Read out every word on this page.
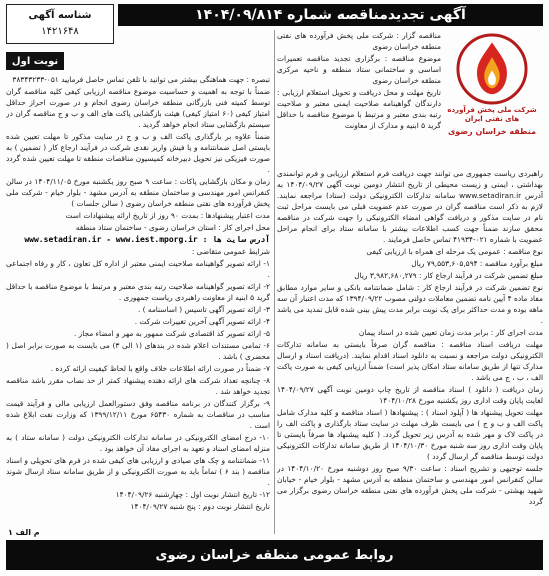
آگهی تجدیدمناقصه شماره ۱۴۰۴/۰۹/۸۱۴
شناسه آگهی
۱۴۲۱۶۴۸
نوبت اول
شرکت ملی پخش فرآورده های نفتی ایران
منطقه خراسان رضوی

مناقصه گزار : شرکت ملی پخش فرآورده های نفتی منطقه خراسان رضوی

موضوع مناقصه : برگزاری تجدید مناقصه تعمیرات اساسی و ساختمانی ستاد منطقه و ناحیه مرکزی منطقه خراسان رضوی

تاریخ مهلت و محل دریافت و تحویل استعلام ارزیابی : دارندگان گواهینامه صلاحیت ایمنی معتبر و صلاحیت رتبه بندی معتبر و مرتبط با موضوع مناقصه با حداقل گرید ۵ ابنیه و مدارک از معاونت

راهبردی ریاست جمهوری می توانند جهت دریافت فرم استعلام ارزیابی و فرم توانمندی بهداشتی ، ایمنی و زیست محیطی از تاریخ انتشار دومین نوبت آگهی ۱۴۰۴/۰۹/۲۷ به آدرس www.setadiran.ir سامانه تدارکات الکترونیکی دولت (ستاد) مراجعه نمایند. لازم به ذکر است مناقصه گران در صورت عدم عضویت قبلی می بایست مراحل ثبت نام در سایت مذکور و دریافت گواهی امضاء الکترونیکی را جهت شرکت در مناقصه محقق سازند ضمناً جهت کسب اطلاعات بیشتر با سامانه ستاد برای انجام مراحل عضویت با شماره ۰۲۱-۴۱۹۳۴ تماس حاصل فرمایند .

نوع مناقصه : عمومی یک مرحله ای همراه با ارزیابی کیفی

مبلغ برآورد مناقصه : ۷۹,۵۵۳,۶۰۵,۵۹۴ ریال

مبلغ تضمین شرکت در فرآیند ارجاع کار : ۳,۹۸۲,۶۸۰,۲۷۹ ریال

نوع تضمین شرکت در فرآیند ارجاع کار : شامل ضمانتنامه بانکی و سایر موارد مطابق مفاد ماده ۴ آیین نامه تضمین معاملات دولتی مصوب ۱۳۹۴/۰۹/۲۲ که مدت اعتبار آن سه ماهه بوده و مدت حداکثر برای یک نوبت برابر مدت پیش بینی شده قابل تمدید می باشد .

مدت اجرای کار : برابر مدت زمان تعیین شده در اسناد پیمان

مهلت دریافت اسناد مناقصه : مناقصه گران صرفاً بایستی به سامانه تدارکات الکترونیکی دولت مراجعه و نسبت به دانلود اسناد اقدام نمایند. (دریافت اسناد و ارسال مدارک تنها از طریق سامانه ستاد امکان پذیر است) ضمناً ارزیابی کیفی به صورت پاکت الف ، ب ، ج می باشد .

زمان دریافت ( دانلود ) اسناد مناقصه از تاریخ چاپ دومین نوبت آگهی ۱۴۰۴/۰۹/۲۷ لغایت پایان وقت اداری روز یکشنبه مورخ ۱۴۰۴/۱۰/۲۸

مهلت تحویل پیشنهاد ها ( آپلود اسناد ) : پیشنهادها ( اسناد مناقصه و کلیه مدارک شامل پاکت الف و ب و ج ) می بایست ظرف مهلت در سایت ستاد بارگذاری و پاکت الف را در پاکت لاک و مهر شده به آدرس زیر تحویل گردد. ( کلیه پیشنهاد ها صرفاً بایستی تا پایان وقت اداری روز سه شنبه مورخ ۱۴۰۴/۱۰/۳۰ از طریق سامانه تدارکات الکترونیکی دولت توسط مناقصه گر ارسال گردد )

جلسه توجیهی و تشریح اسناد : ساعت ۹/۳۰ صبح روز دوشنبه مورخ ۱۴۰۴/۱۰/۲۰ در سالن کنفرانس امور مهندسی و ساختمان منطقه به آدرس مشهد - بلوار خیام - خیابان شهید بهشتی - شرکت ملی پخش فرآورده های نفتی منطقه خراسان رضوی برگزار می گردد

تبصره : جهت هماهنگی بیشتر می توانید با تلفن تماس حاصل فرمایید ۰۵۱-۳۸۳۴۳۲۳۳

ضمناً با توجه به اهمیت و حساسیت موضوع مناقصه ارزیابی کیفی کلیه مناقصه گران توسط کمیته فنی بازرگانی منطقه خراسان رضوی انجام و در صورت احراز حداقل امتیاز کیفی (۶۰ امتیاز کیفی) هیئت بازگشایی پاکت های الف و ب و ج مناقصه گران در سیستم بازگشایی ستاد انجام خواهد گردید .

ضمناً علاوه بر بارگذاری پاکت الف و ب و ج در سایت مذکور تا مهلت تعیین شده بایستی اصل ضمانتنامه و یا فیش واریز نقدی شرکت در فرآیند ارجاع کار ( تضمین ) به صورت فیزیکی نیز تحویل دبیرخانه کمیسیون مناقصات منطقه تا مهلت تعیین شده گردد .

زمان و مکان بازگشایی پاکات : ساعت ۹ صبح روز یکشنبه مورخ ۱۴۰۴/۱۱/۰۵ در سالن کنفرانس امور مهندسی و ساختمان منطقه به آدرس مشهد - بلوار خیام - شرکت ملی پخش فرآورده های نفتی منطقه خراسان رضوی ( سالن جلسات )

مدت اعتبار پیشنهادها : بمدت ۹۰ روز از تاریخ ارائه پیشنهادات است

محل اجرای کار : استان خراسان رضوی - ساختمان ستاد منطقه

آدرس سایت ها : www.setadiran.ir - www.iest.mporg.ir

شرایط عمومی متقاضی :

۱- ارائه تصویر گواهینامه صلاحیت ایمنی معتبر از اداره کل تعاون ، کار و رفاه اجتماعی .

۲- ارائه تصویر گواهینامه صلاحیت رتبه بندی معتبر و مرتبط با موضوع مناقصه با حداقل گرید ۵ ابنیه از معاونت راهبردی ریاست جمهوری .

۳- ارائه تصویر آگهی تاسیس ( اساسنامه ) .

۴- ارائه تصویر آگهی آخرین تغییرات شرکت .

۵- ارائه تصویر کد اقتصادی شرکت ممهور به مهر و امضاء مجاز .

۶- تمامی مستندات اعلام شده در بندهای (۱ الی ۳) می بایست به صورت برابر اصل ( محضری ) باشد .

۷- ضمناً در صورت ارائه اطلاعات خلاف واقع با لحاظ کیفیت ارائه کرده .

۸- چنانچه تعداد شرکت های ارائه دهنده پیشنهاد کمتر از حد نصاب مقرر باشد مناقصه تجدید خواهد شد .

۹- برگزار کنندگان در برنامه مناقصه وفق دستورالعمل ارزیابی مالی و فرآیند قیمت مناسب در مناقصات به شماره ۶۵۴۳۰ مورخ ۱۳۹۹/۱۲/۱۱ که وزارت نفت ابلاغ شده است .

۱۰- درج امضای الکترونیکی در سامانه تدارکات الکترونیکی دولت ( سامانه ستاد ) به منزله امضای اسناد و تعهد به اجرای مفاد آن خواهد بود .

۱۱- ضمانتنامه و چک های صیادی و ارزیابی های کیفی شده در فرم های تحویلی و اسناد مناقصه ( بند ۶ ) تماماً باید به صورت الکترونیکی و از طریق سامانه ستاد ارسال شوند .

۱۲- تاریخ انتشار نوبت اول : چهارشنبه ۱۴۰۴/۰۹/۲۶

تاریخ انتشار نوبت دوم : پنج شنبه ۱۴۰۴/۰۹/۲۷

م الف ۱
روابط عمومی منطقه خراسان رضوی
